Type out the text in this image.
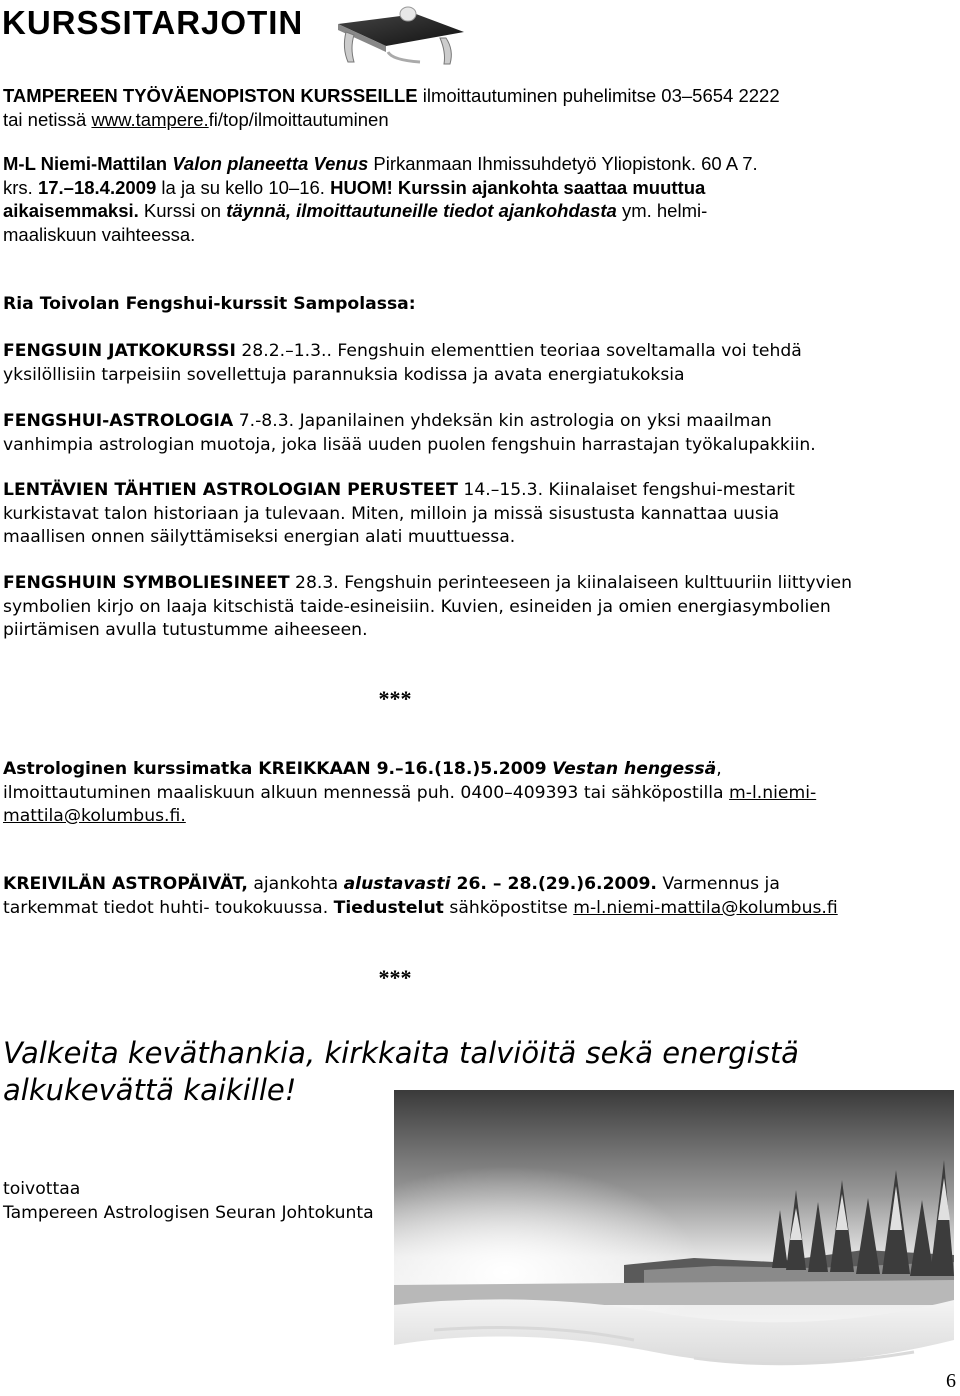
KURSSITARJOTIN

TAMPEREEN TYÖVÄENOPISTON KURSSEILLE ilmoittautuminen puhelimitse 03–5654 2222
tai netissä www.tampere.fi/top/ilmoittautuminen

M-L Niemi-Mattilan Valon planeetta Venus Pirkanmaan Ihmissuhdetyö Yliopistonk. 60 A 7.
krs. 17.–18.4.2009 la ja su kello 10–16. HUOM! Kurssin ajankohta saattaa muuttua
aikaisemmaksi. Kurssi on täynnä, ilmoittautuneille tiedot ajankohdasta ym. helmi-
maaliskuun vaihteessa.

Ria Toivolan Fengshui-kurssit Sampolassa:

FENGSUIN JATKOKURSSI 28.2.–1.3.. Fengshuin elementtien teoriaa soveltamalla voi tehdä
yksilöllisiin tarpeisiin sovellettuja parannuksia kodissa ja avata energiatukoksia

FENGSHUI-ASTROLOGIA 7.-8.3. Japanilainen yhdeksän kin astrologia on yksi maailman
vanhimpia astrologian muotoja, joka lisää uuden puolen fengshuin harrastajan työkalupakkiin.

LENTÄVIEN TÄHTIEN ASTROLOGIAN PERUSTEET 14.–15.3. Kiinalaiset fengshui-mestarit
kurkistavat talon historiaan ja tulevaan. Miten, milloin ja missä sisustusta kannattaa uusia
maallisen onnen säilyttämiseksi energian alati muuttuessa.

FENGSHUIN SYMBOLIESINEET 28.3. Fengshuin perinteeseen ja kiinalaiseen kulttuuriin liittyvien
symbolien kirjo on laaja kitschistä taide-esineisiin. Kuvien, esineiden ja omien energiasymbolien
piirtämisen avulla tutustumme aiheeseen.

***

Astrologinen kurssimatka KREIKKAAN 9.–16.(18.)5.2009 Vestan hengessä,
ilmoittautuminen maaliskuun alkuun mennessä puh. 0400–409393 tai sähköpostilla m-l.niemi-
mattila@kolumbus.fi.

KREIVILÄN ASTROPÄIVÄT, ajankohta alustavasti 26. – 28.(29.)6.2009. Varmennus ja
tarkemmat tiedot huhti- toukokuussa. Tiedustelut sähköpostitse m-l.niemi-mattila@kolumbus.fi

***

Valkeita keväthankia, kirkkaita talviöitä sekä energistä
alkukevättä kaikille!

toivottaa
Tampereen Astrologisen Seuran Johtokunta

6
